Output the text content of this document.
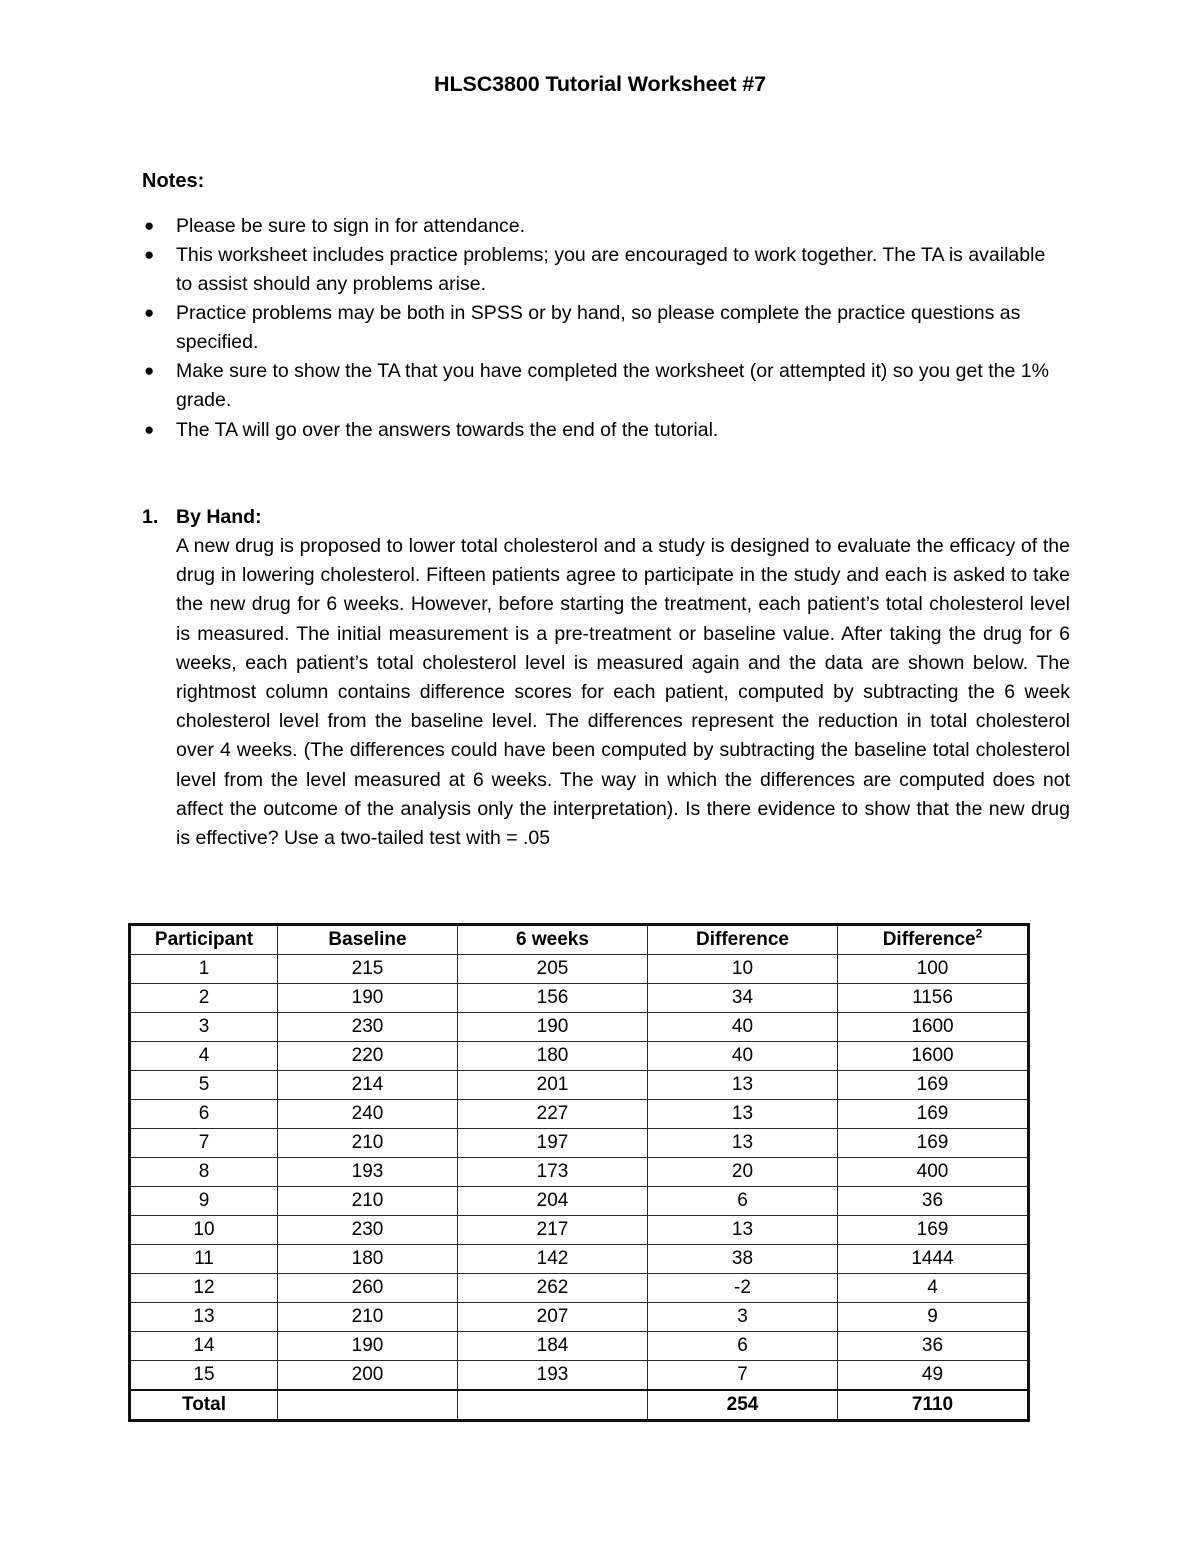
HLSC3800 Tutorial Worksheet #7
Notes:
● Please be sure to sign in for attendance.
● This worksheet includes practice problems; you are encouraged to work together. The TA is available to assist should any problems arise.
● Practice problems may be both in SPSS or by hand, so please complete the practice questions as specified.
● Make sure to show the TA that you have completed the worksheet (or attempted it) so you get the 1% grade.
● The TA will go over the answers towards the end of the tutorial.
1. By Hand:
A new drug is proposed to lower total cholesterol and a study is designed to evaluate the efficacy of the drug in lowering cholesterol. Fifteen patients agree to participate in the study and each is asked to take the new drug for 6 weeks. However, before starting the treatment, each patient’s total cholesterol level is measured. The initial measurement is a pre-treatment or baseline value. After taking the drug for 6 weeks, each patient’s total cholesterol level is measured again and the data are shown below. The rightmost column contains difference scores for each patient, computed by subtracting the 6 week cholesterol level from the baseline level. The differences represent the reduction in total cholesterol over 4 weeks. (The differences could have been computed by subtracting the baseline total cholesterol level from the level measured at 6 weeks. The way in which the differences are computed does not affect the outcome of the analysis only the interpretation). Is there evidence to show that the new drug is effective? Use a two-tailed test with = .05
Participant	Baseline	6 weeks	Difference	Difference$^2$
1	215	205	10	100
2	190	156	34	1156
3	230	190	40	1600
4	220	180	40	1600
5	214	201	13	169
6	240	227	13	169
7	210	197	13	169
8	193	173	20	400
9	210	204	6	36
10	230	217	13	169
11	180	142	38	1444
12	260	262	-2	4
13	210	207	3	9
14	190	184	6	36
15	200	193	7	49
Total			254	7110
